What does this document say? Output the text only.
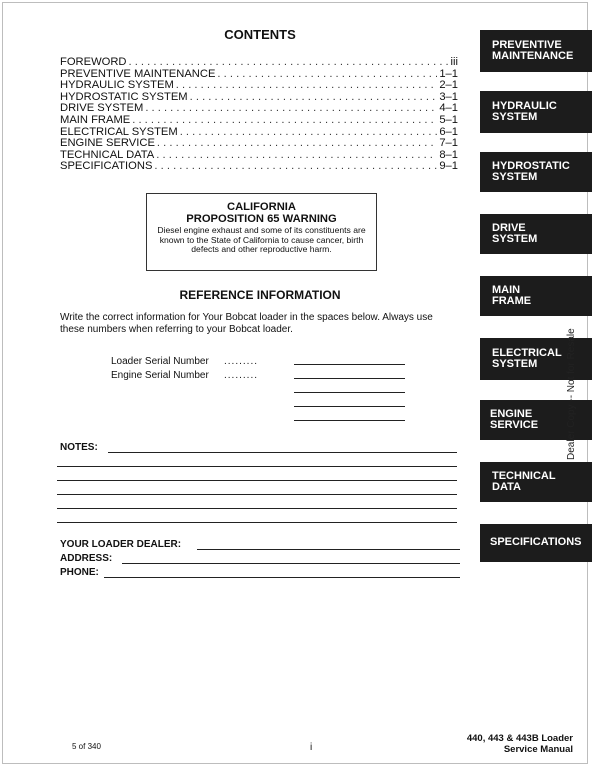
CONTENTS
FOREWORD . . .	iii
PREVENTIVE MAINTENANCE . . .	1–1
HYDRAULIC SYSTEM . . .	2–1
HYDROSTATIC SYSTEM . . .	3–1
DRIVE SYSTEM . . .	4–1
MAIN FRAME . . .	5–1
ELECTRICAL SYSTEM . . .	6–1
ENGINE SERVICE . . .	7–1
TECHNICAL DATA . . .	8–1
SPECIFICATIONS . . .	9–1
CALIFORNIA
PROPOSITION 65 WARNING
Diesel engine exhaust and some of its constituents are known to the State of California to cause cancer, birth defects and other reproductive harm.
REFERENCE INFORMATION
Write the correct information for Your Bobcat loader in the spaces below. Always use these numbers when referring to your Bobcat loader.
Loader Serial Number .........
Engine Serial Number .........
NOTES:
YOUR LOADER DEALER:
ADDRESS:
PHONE:
PREVENTIVE
MAINTENANCE
HYDRAULIC
SYSTEM
HYDROSTATIC
SYSTEM
DRIVE
SYSTEM
MAIN
FRAME
ELECTRICAL
SYSTEM
ENGINE
SERVICE
TECHNICAL
DATA
SPECIFICATIONS
Dealer Copy -- Not for Resale
5 of 340	i
440, 443 & 443B Loader
Service Manual
